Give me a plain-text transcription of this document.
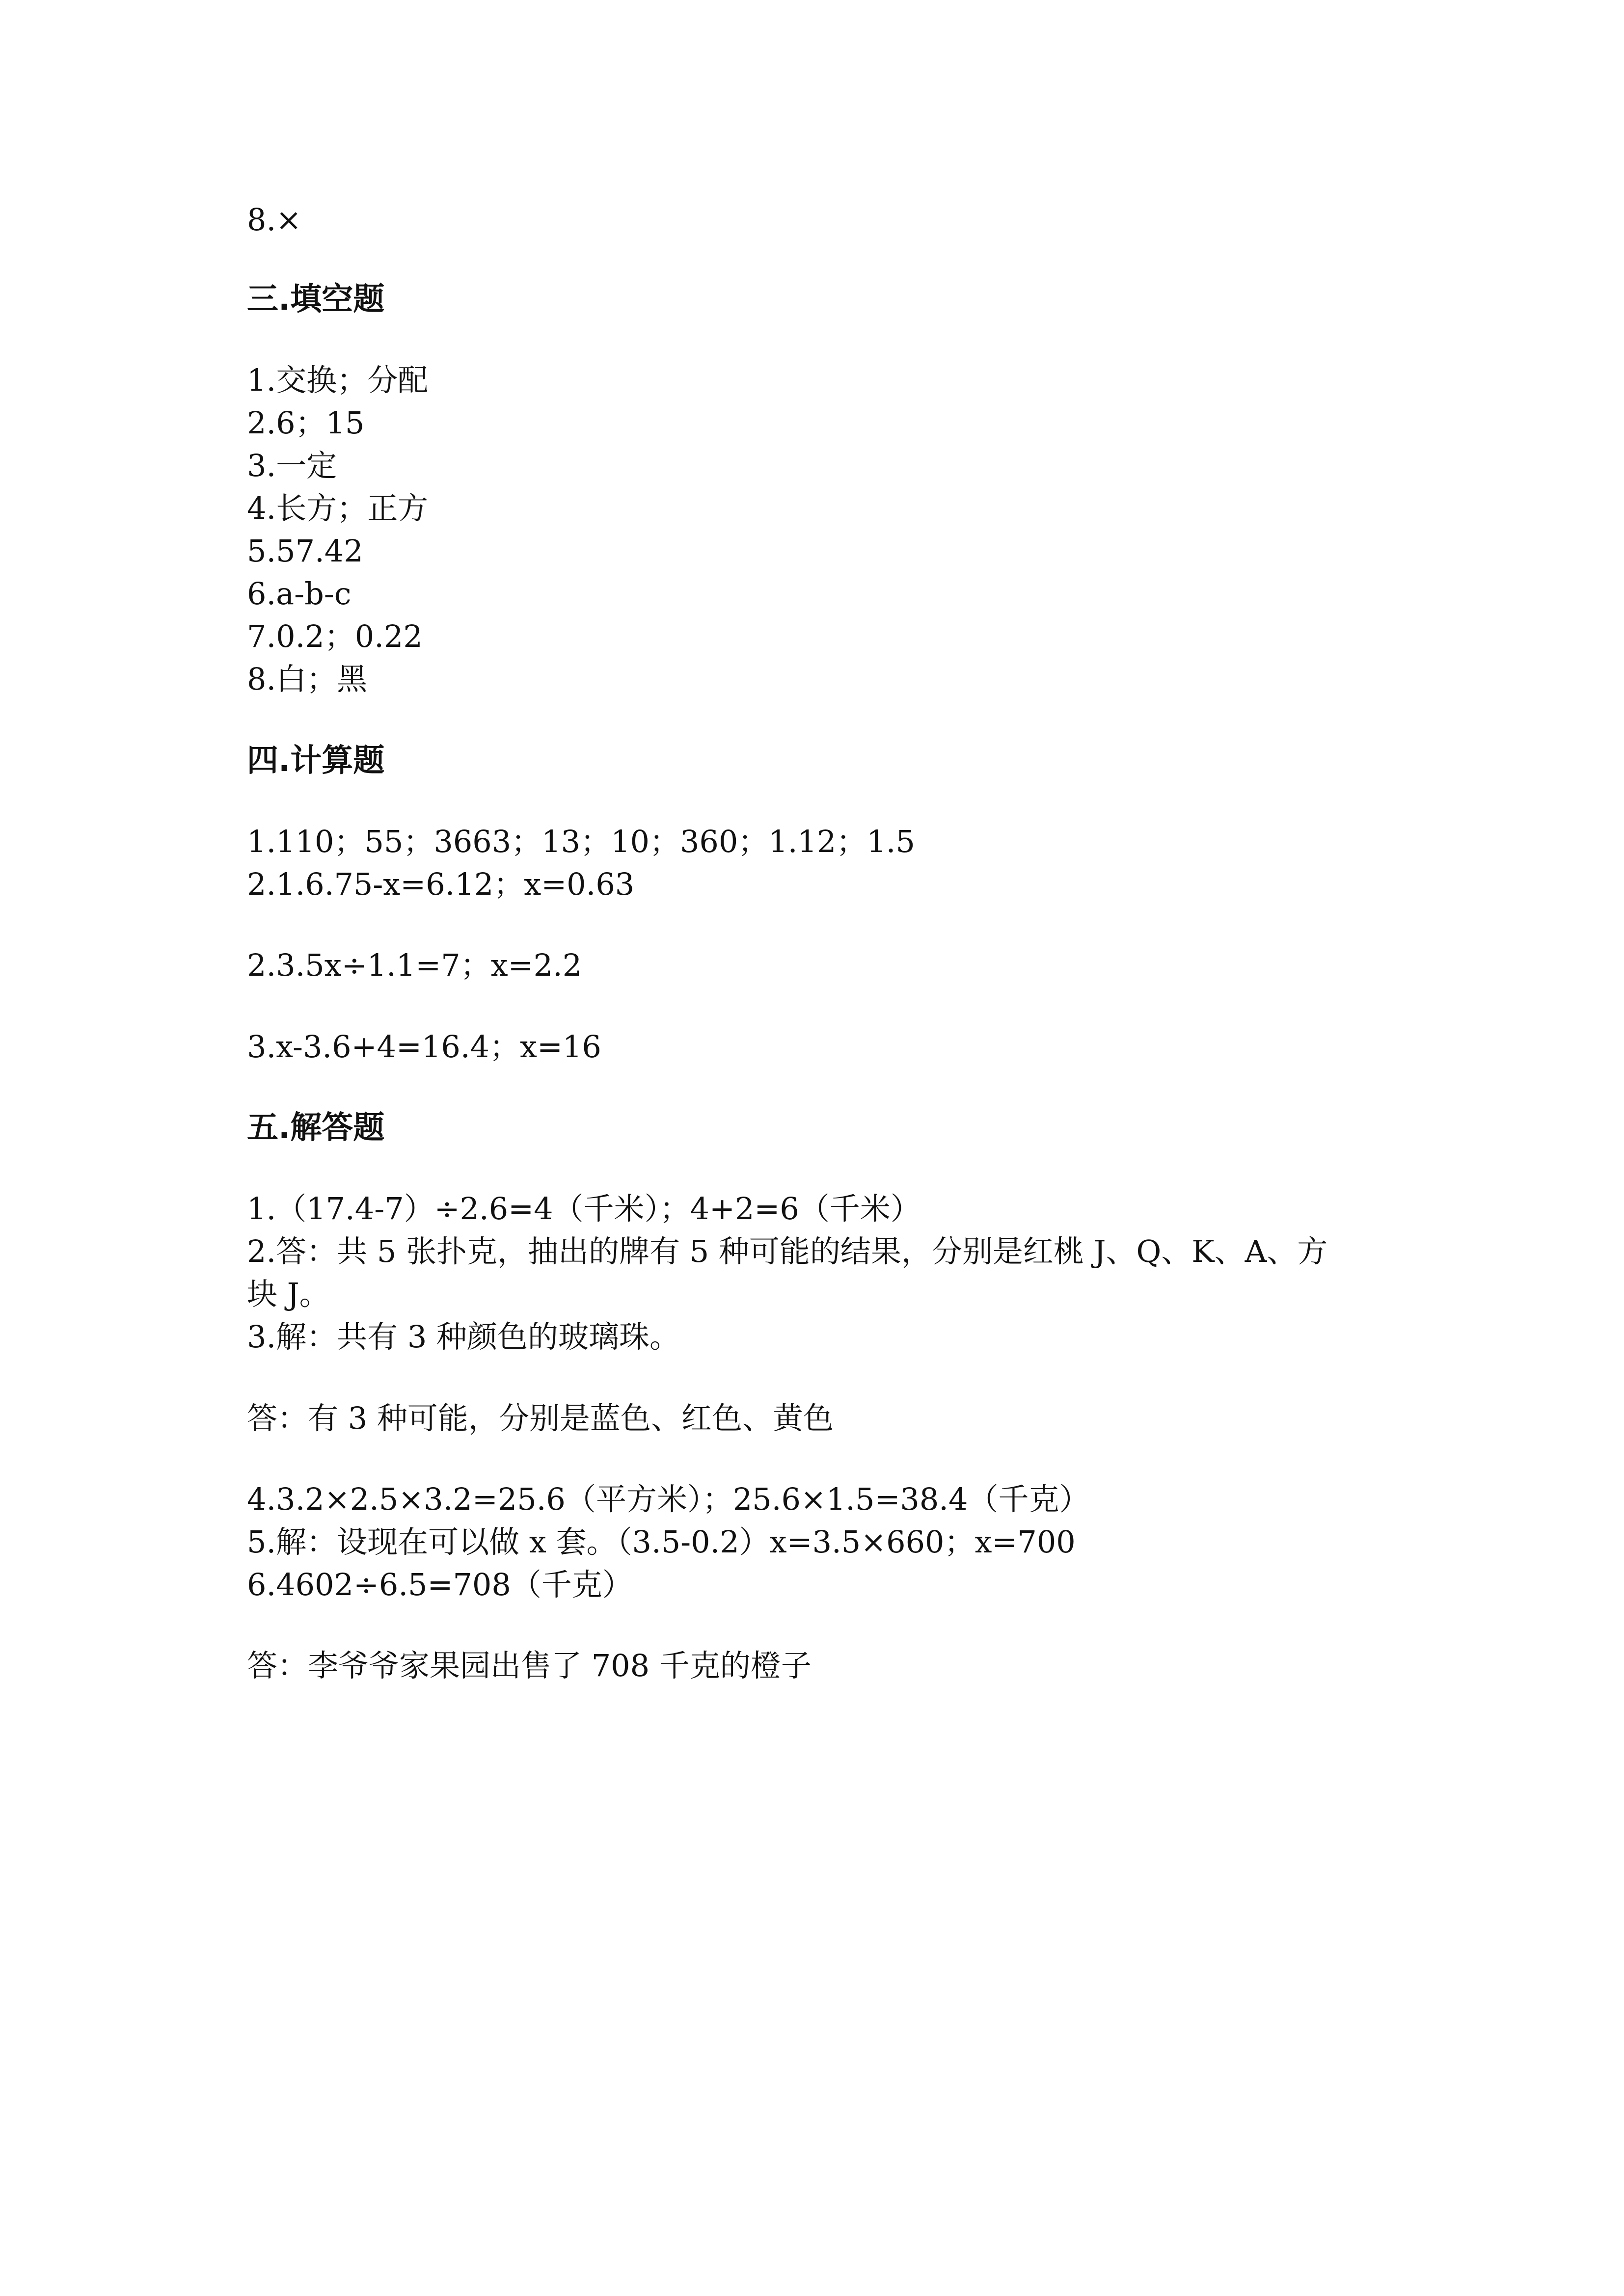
8.×

三.填空题

1.交换；分配

2.6；15

3.一定

4.长方；正方

5.57.42

6.a-b-c

7.0.2；0.22

8.白；黑

四.计算题

1.110；55；3663；13；10；360；1.12；1.5

2.1.6.75-x=6.12；x=0.63

2.3.5x÷1.1=7；x=2.2

3.x-3.6+4=16.4；x=16

五.解答题

1.（17.4-7）÷2.6=4（千米）；4+2=6（千米）

2.答：共 5 张扑克，抽出的牌有 5 种可能的结果，分别是红桃 J、Q、K、A、方

块 J。

3.解：共有 3 种颜色的玻璃珠。

答：有 3 种可能，分别是蓝色、红色、黄色

4.3.2×2.5×3.2=25.6（平方米）；25.6×1.5=38.4（千克）

5.解：设现在可以做 x 套。（3.5-0.2）x=3.5×660；x=700

6.4602÷6.5=708（千克）

答：李爷爷家果园出售了 708 千克的橙子
